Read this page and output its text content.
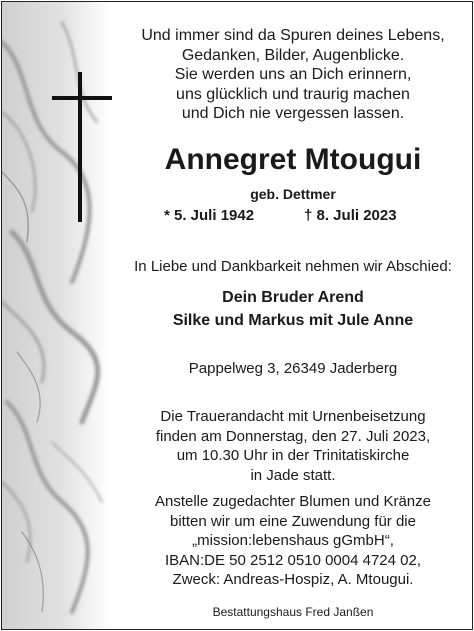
Und immer sind da Spuren deines Lebens,
Gedanken, Bilder, Augenblicke.
Sie werden uns an Dich erinnern,
uns glücklich und traurig machen
und Dich nie vergessen lassen.
Annegret Mtougui
geb. Dettmer
* 5. Juli 1942	† 8. Juli 2023
In Liebe und Dankbarkeit nehmen wir Abschied:
Dein Bruder Arend
Silke und Markus mit Jule Anne
Pappelweg 3, 26349 Jaderberg
Die Trauerandacht mit Urnenbeisetzung
finden am Donnerstag, den 27. Juli 2023,
um 10.30 Uhr in der Trinitatiskirche
in Jade statt.
Anstelle zugedachter Blumen und Kränze
bitten wir um eine Zuwendung für die
„mission:lebenshaus gGmbH“,
IBAN:DE 50 2512 0510 0004 4724 02,
Zweck: Andreas-Hospiz, A. Mtougui.
Bestattungshaus Fred Janßen
